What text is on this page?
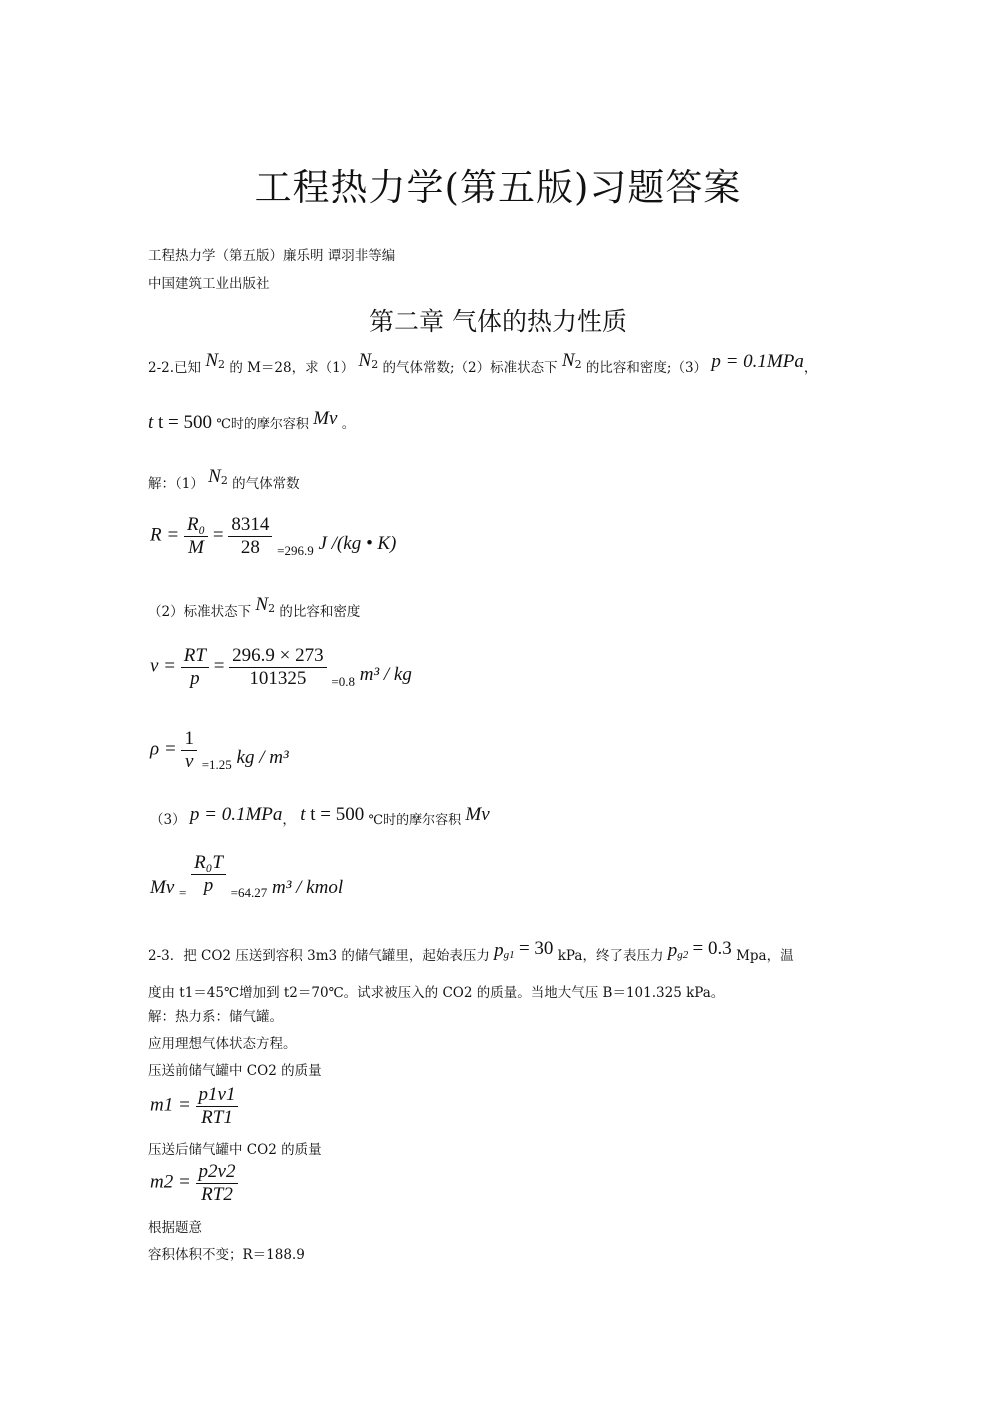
工程热力学(第五版)习题答案
工程热力学（第五版）廉乐明 谭羽非等编
中国建筑工业出版社
第二章 气体的热力性质
2-2.已知 $N^2$ 的 M＝28，求（1） $N^2$ 的气体常数;（2）标准状态下 $N^2$ 的比容和密度;（3） p = 0.1MPa，
t t = 500 ℃时的摩尔容积 Mv 。
解：（1） $N^2$ 的气体常数
$R = \frac{\text{R₀}}{M} = \frac{8314}{28} _{=296.9}$ J /(kg • K)
（2）标准状态下 $N^2$ 的比容和密度
$v = \frac{RT}{p} = \frac{296.9 \times 273}{101325} _{=0.8}$ m³ / kg
$\rho = \frac{1}{v} _{=1.25}$ kg / m³
（3） p = 0.1MPa， t t = 500 ℃时的摩尔容积 Mv
Mv $_= \frac{\text{R₀T}}{p} _{=64.27}$ m³ / kmol
2-3．把 CO2 压送到容积 3m3 的储气罐里，起始表压力 pg1 = 30 kPa，终了表压力 pg2 = 0.3 Mpa，温
度由 t1＝45℃增加到 t2＝70℃。试求被压入的 CO2 的质量。当地大气压 B＝101.325 kPa。
解：热力系：储气罐。
应用理想气体状态方程。
压送前储气罐中 CO2 的质量
$m1 = \frac{p1v1}{RT1}$
压送后储气罐中 CO2 的质量
$m2 = \frac{p2v2}{RT2}$
根据题意
容积体积不变；R＝188.9
